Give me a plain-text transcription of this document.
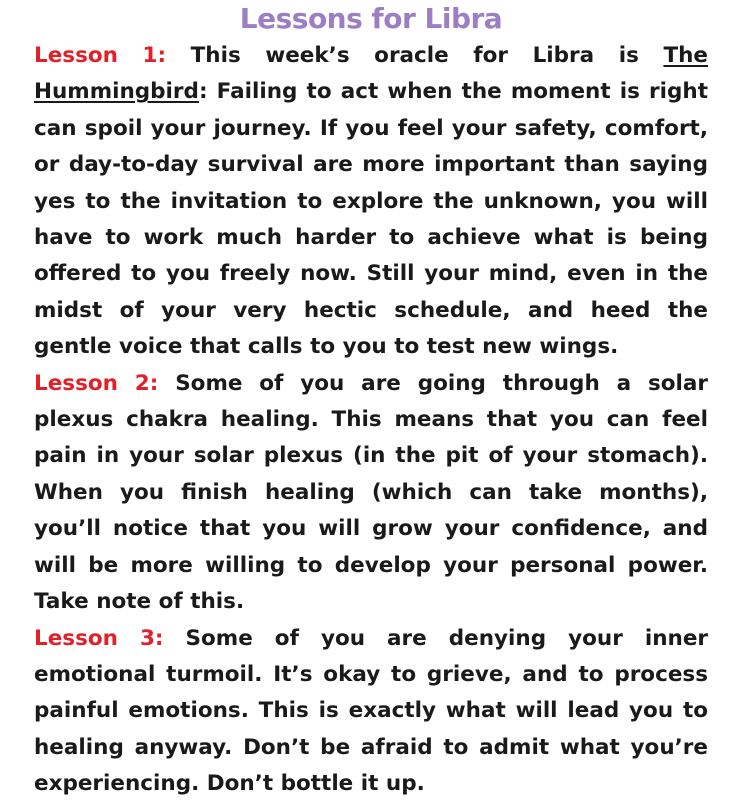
Lessons for Libra

Lesson 1: This week’s oracle for Libra is The Hummingbird: Failing to act when the moment is right can spoil your journey. If you feel your safety, comfort, or day-to-day survival are more important than saying yes to the invitation to explore the unknown, you will have to work much harder to achieve what is being offered to you freely now. Still your mind, even in the midst of your very hectic schedule, and heed the gentle voice that calls to you to test new wings.

Lesson 2: Some of you are going through a solar plexus chakra healing. This means that you can feel pain in your solar plexus (in the pit of your stomach). When you finish healing (which can take months), you’ll notice that you will grow your confidence, and will be more willing to develop your personal power. Take note of this.

Lesson 3: Some of you are denying your inner emotional turmoil. It’s okay to grieve, and to process painful emotions. This is exactly what will lead you to healing anyway. Don’t be afraid to admit what you’re experiencing. Don’t bottle it up.
